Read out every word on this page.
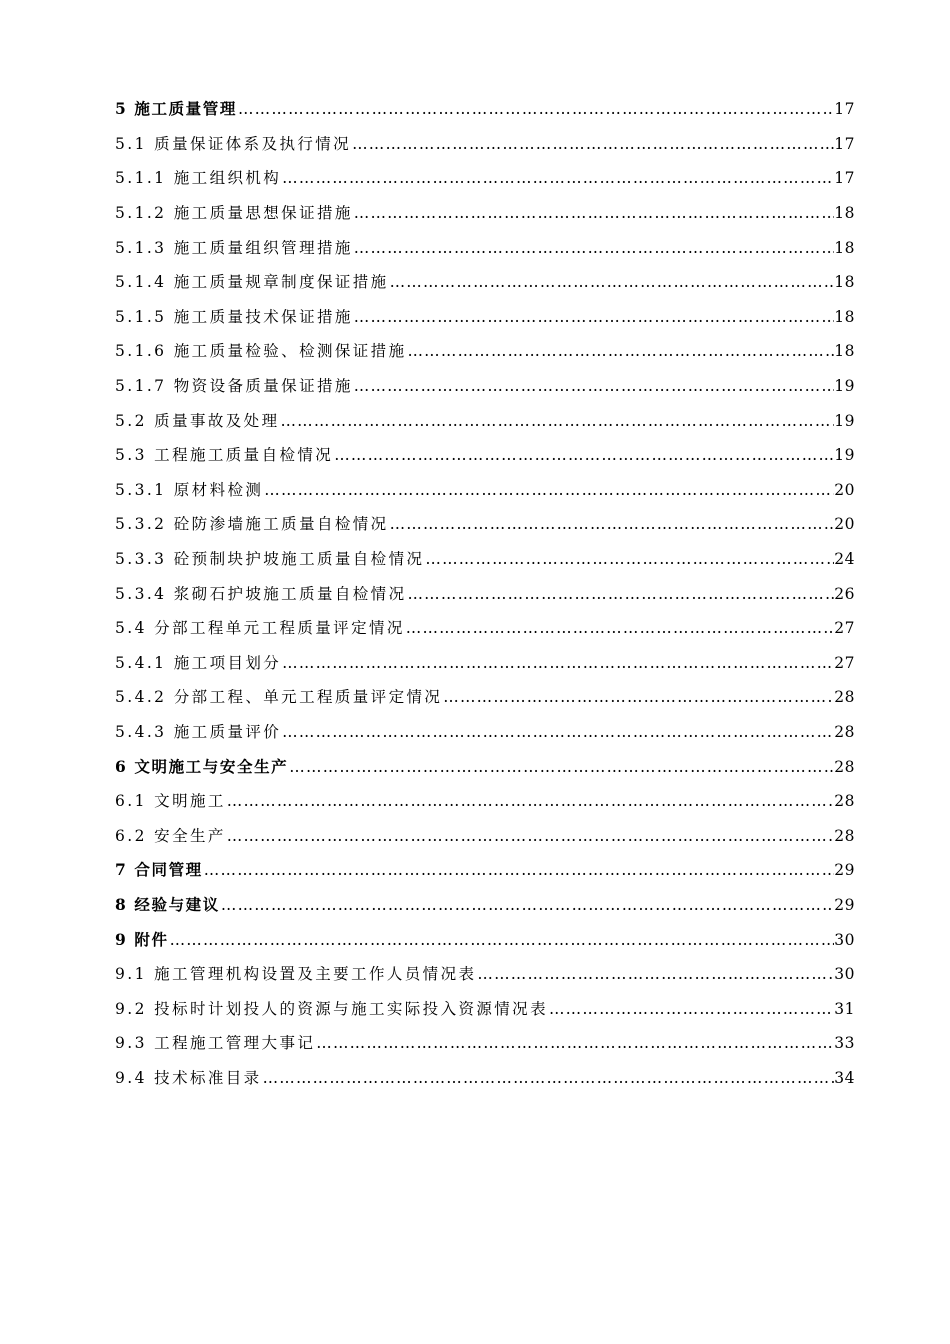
5 施工质量管理 …………………………………………………………………………………………………………………………………………………………………………………………	17
5.1 质量保证体系及执行情况 …………………………………………………………………………………………………………………………………………………………………………………………	17
5.1.1 施工组织机构 …………………………………………………………………………………………………………………………………………………………………………………………	17
5.1.2 施工质量思想保证措施 …………………………………………………………………………………………………………………………………………………………………………………………	18
5.1.3 施工质量组织管理措施 …………………………………………………………………………………………………………………………………………………………………………………………	18
5.1.4 施工质量规章制度保证措施 …………………………………………………………………………………………………………………………………………………………………………………………	18
5.1.5 施工质量技术保证措施 …………………………………………………………………………………………………………………………………………………………………………………………	18
5.1.6 施工质量检验、检测保证措施 …………………………………………………………………………………………………………………………………………………………………………………………	18
5.1.7 物资设备质量保证措施 …………………………………………………………………………………………………………………………………………………………………………………………	19
5.2 质量事故及处理 …………………………………………………………………………………………………………………………………………………………………………………………	19
5.3 工程施工质量自检情况 …………………………………………………………………………………………………………………………………………………………………………………………	19
5.3.1 原材料检测 …………………………………………………………………………………………………………………………………………………………………………………………	20
5.3.2 砼防渗墙施工质量自检情况 …………………………………………………………………………………………………………………………………………………………………………………………	20
5.3.3 砼预制块护坡施工质量自检情况 …………………………………………………………………………………………………………………………………………………………………………………………	24
5.3.4 浆砌石护坡施工质量自检情况 …………………………………………………………………………………………………………………………………………………………………………………………	26
5.4 分部工程单元工程质量评定情况 …………………………………………………………………………………………………………………………………………………………………………………………	27
5.4.1 施工项目划分 …………………………………………………………………………………………………………………………………………………………………………………………	27
5.4.2 分部工程、单元工程质量评定情况 …………………………………………………………………………………………………………………………………………………………………………………………	28
5.4.3 施工质量评价 …………………………………………………………………………………………………………………………………………………………………………………………	28
6 文明施工与安全生产 …………………………………………………………………………………………………………………………………………………………………………………………	28
6.1 文明施工 …………………………………………………………………………………………………………………………………………………………………………………………	28
6.2 安全生产 …………………………………………………………………………………………………………………………………………………………………………………………	28
7 合同管理 …………………………………………………………………………………………………………………………………………………………………………………………	29
8 经验与建议 …………………………………………………………………………………………………………………………………………………………………………………………	29
9 附件 …………………………………………………………………………………………………………………………………………………………………………………………	30
9.1 施工管理机构设置及主要工作人员情况表 …………………………………………………………………………………………………………………………………………………………………………………………	30
9.2 投标时计划投人的资源与施工实际投入资源情况表 …………………………………………………………………………………………………………………………………………………………………………………………	31
9.3 工程施工管理大事记 …………………………………………………………………………………………………………………………………………………………………………………………	33
9.4 技术标准目录 …………………………………………………………………………………………………………………………………………………………………………………………	34
